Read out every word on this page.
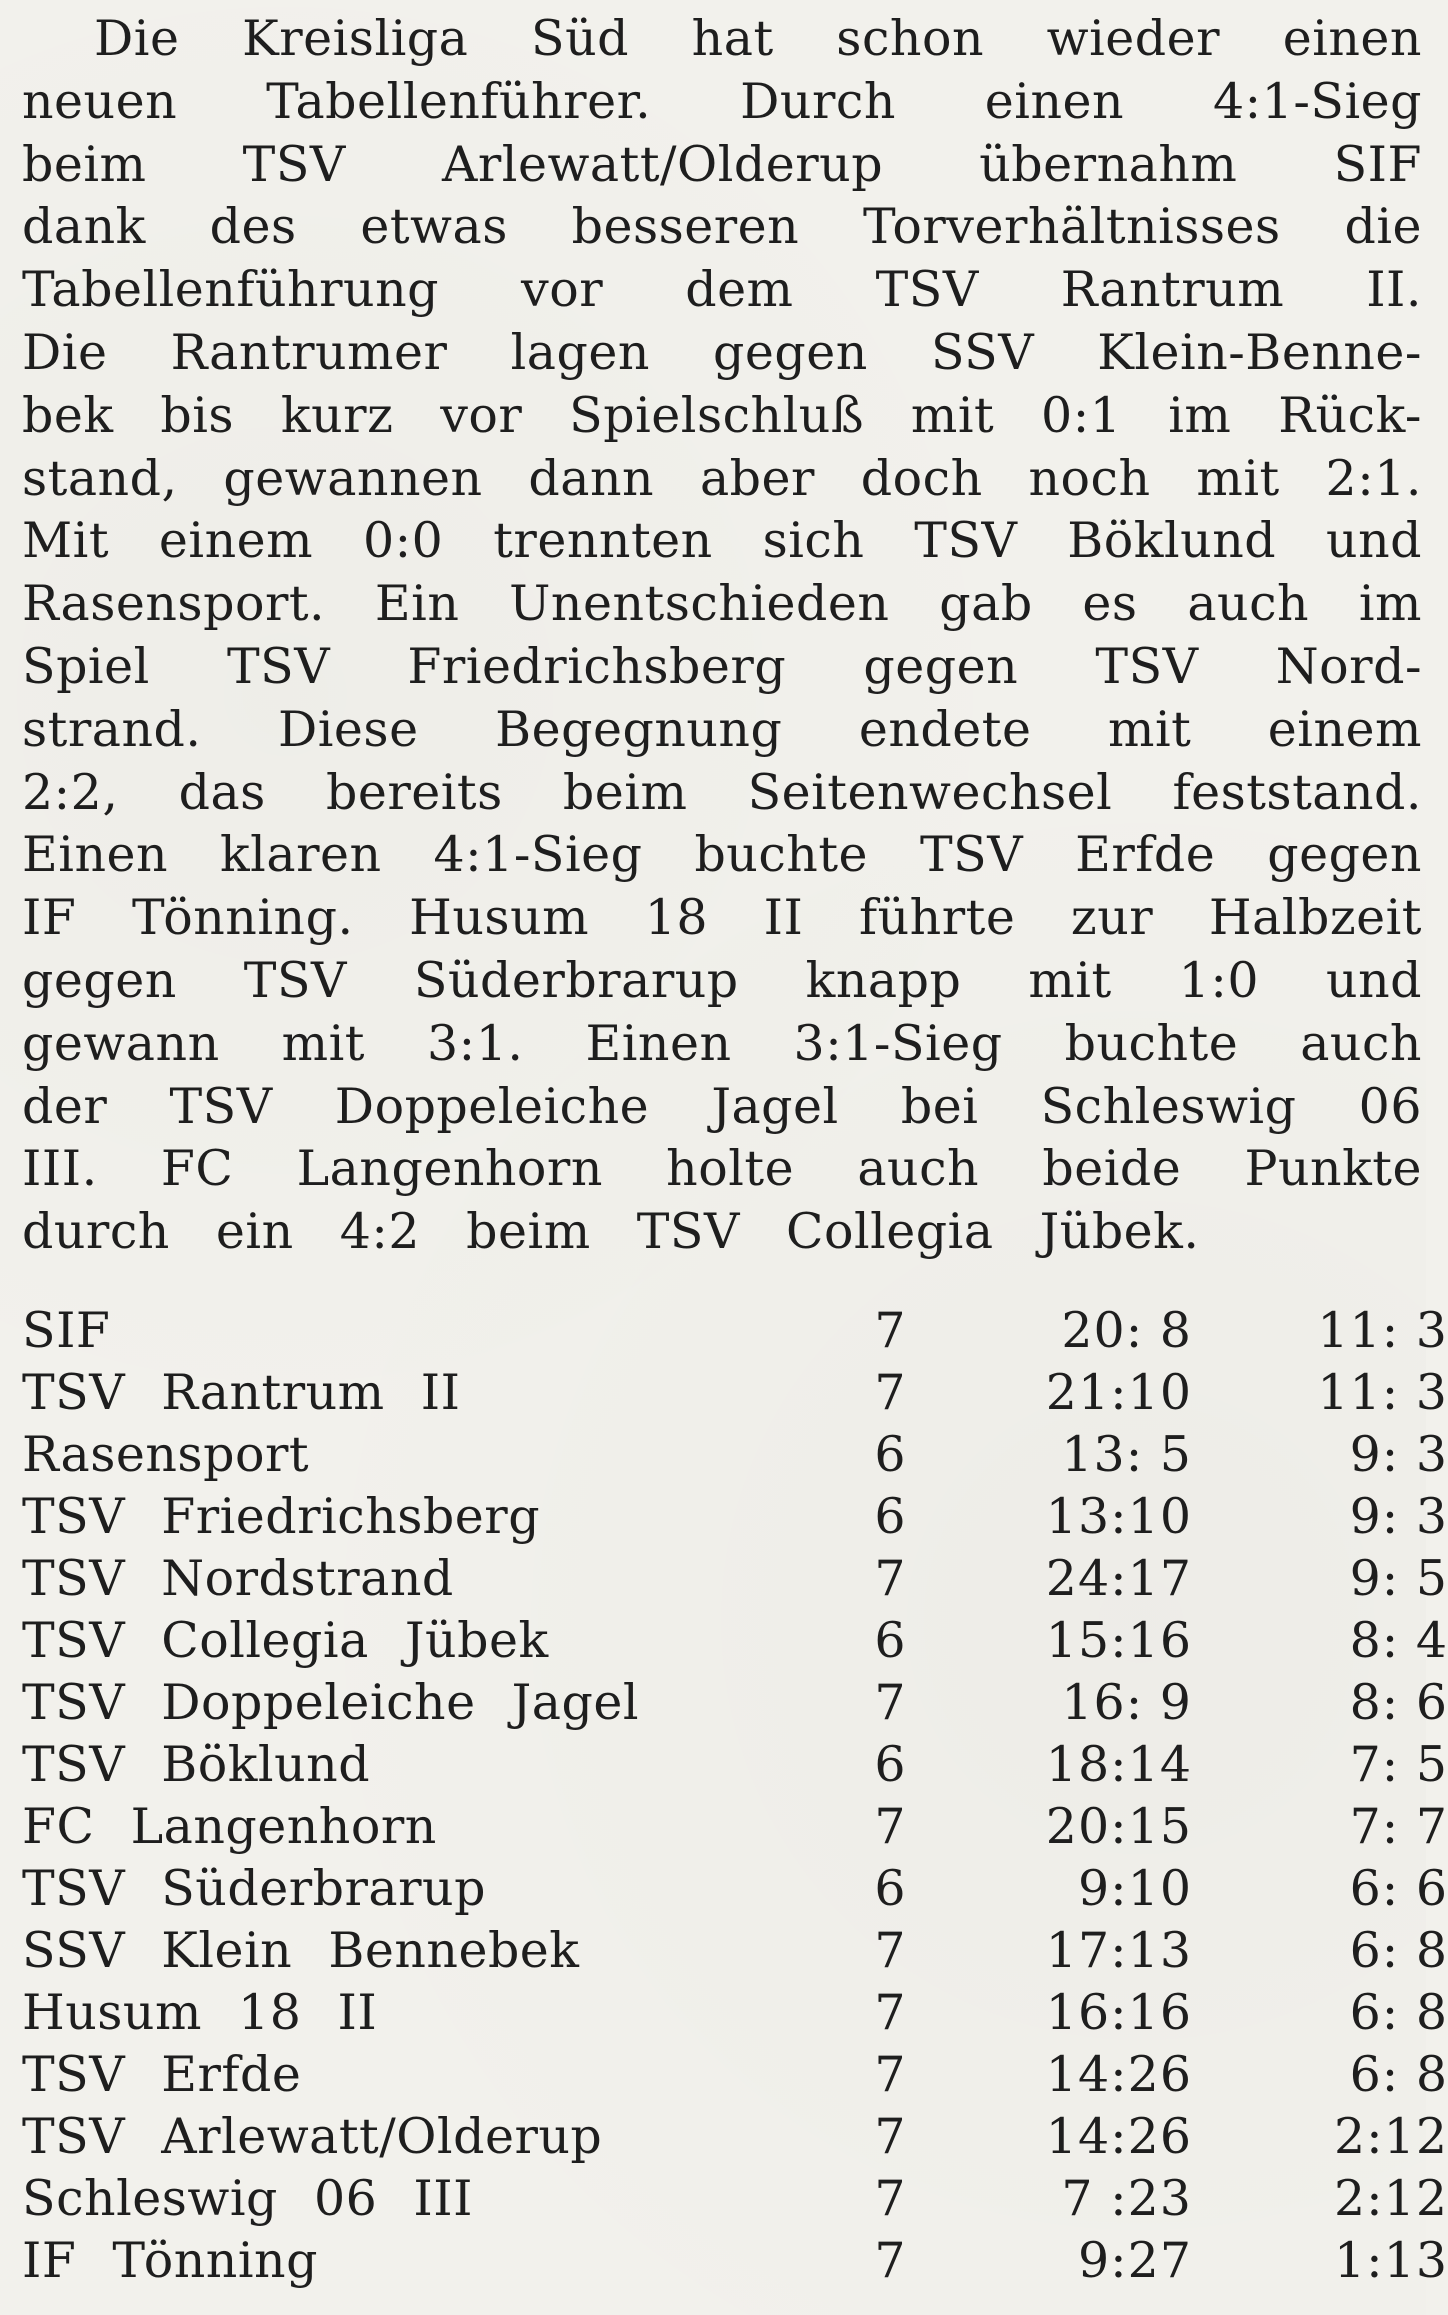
Die Kreisliga Süd hat schon wieder einen
neuen Tabellenführer. Durch einen 4:1-Sieg
beim TSV Arlewatt/Olderup übernahm SIF
dank des etwas besseren Torverhältnisses die
Tabellenführung vor dem TSV Rantrum II.
Die Rantrumer lagen gegen SSV Klein-Benne-
bek bis kurz vor Spielschluß mit 0:1 im Rück-
stand, gewannen dann aber doch noch mit 2:1.
Mit einem 0:0 trennten sich TSV Böklund und
Rasensport. Ein Unentschieden gab es auch im
Spiel TSV Friedrichsberg gegen TSV Nord-
strand. Diese Begegnung endete mit einem
2:2, das bereits beim Seitenwechsel feststand.
Einen klaren 4:1-Sieg buchte TSV Erfde gegen
IF Tönning. Husum 18 II führte zur Halbzeit
gegen TSV Süderbrarup knapp mit 1:0 und
gewann mit 3:1. Einen 3:1-Sieg buchte auch
der TSV Doppeleiche Jagel bei Schleswig 06
III. FC Langenhorn holte auch beide Punkte
durch ein 4:2 beim TSV Collegia Jübek.
SIF	7	20: 8	11: 3
TSV Rantrum II	7	21:10	11: 3
Rasensport	6	13: 5	9: 3
TSV Friedrichsberg	6	13:10	9: 3
TSV Nordstrand	7	24:17	9: 5
TSV Collegia Jübek	6	15:16	8: 4
TSV Doppeleiche Jagel	7	16: 9	8: 6
TSV Böklund	6	18:14	7: 5
FC Langenhorn	7	20:15	7: 7
TSV Süderbrarup	6	9:10	6: 6
SSV Klein Bennebek	7	17:13	6: 8
Husum 18 II	7	16:16	6: 8
TSV Erfde	7	14:26	6: 8
TSV Arlewatt/Olderup	7	14:26	2:12
Schleswig 06 III	7	7 :23	2:12
IF Tönning	7	9:27	1:13
